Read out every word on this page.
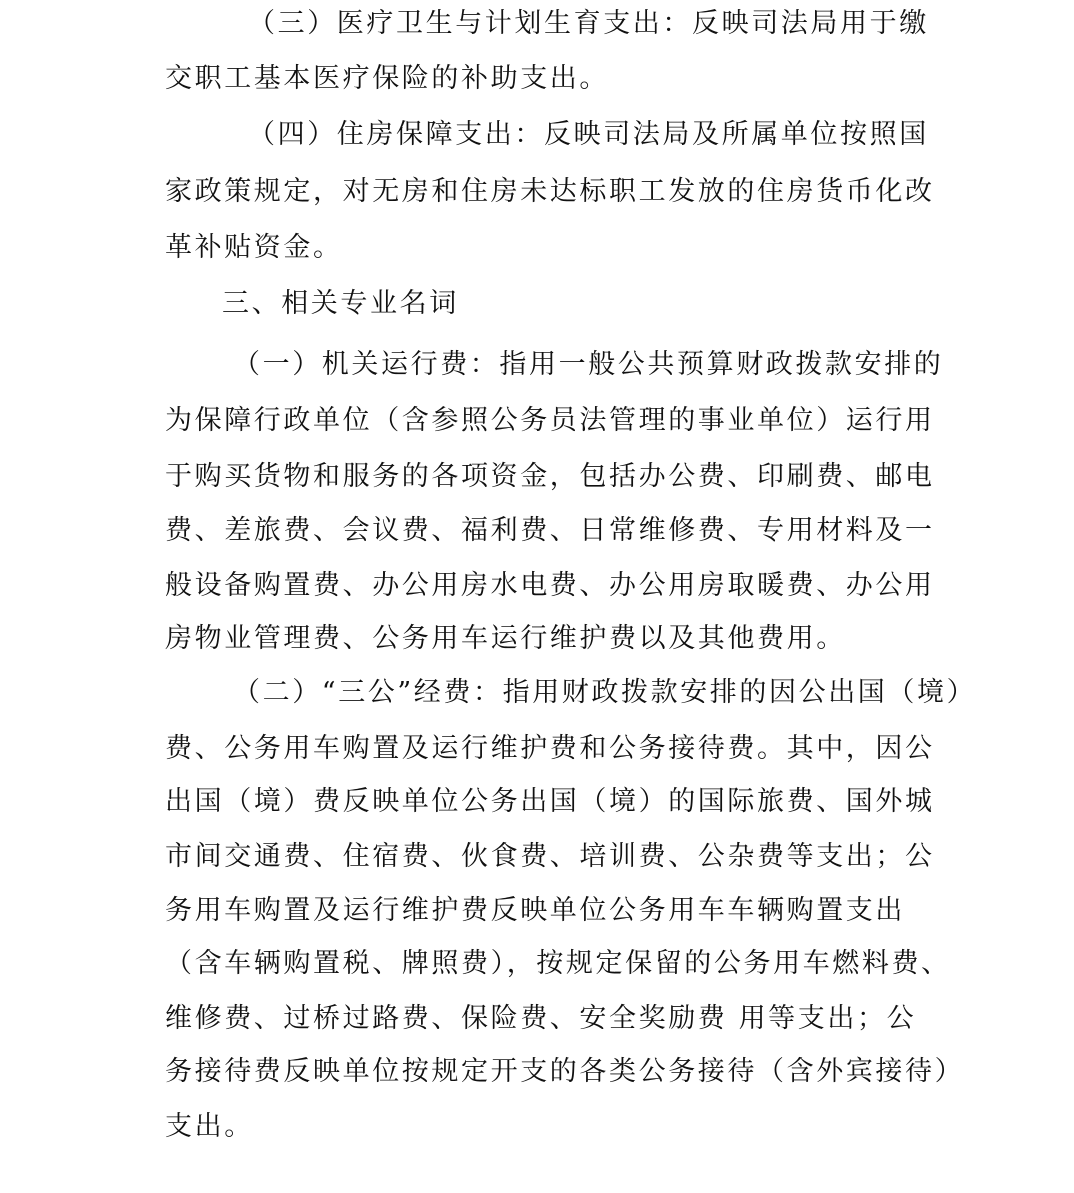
（三）医疗卫生与计划生育支出：反映司法局用于缴
交职工基本医疗保险的补助支出。
（四）住房保障支出：反映司法局及所属单位按照国
家政策规定，对无房和住房未达标职工发放的住房货币化改
革补贴资金。
三、相关专业名词
（一）机关运行费：指用一般公共预算财政拨款安排的
为保障行政单位（含参照公务员法管理的事业单位）运行用
于购买货物和服务的各项资金，包括办公费、印刷费、邮电
费、差旅费、会议费、福利费、日常维修费、专用材料及一
般设备购置费、办公用房水电费、办公用房取暖费、办公用
房物业管理费、公务用车运行维护费以及其他费用。
（二）“三公”经费：指用财政拨款安排的因公出国（境）
费、公务用车购置及运行维护费和公务接待费。其中，因公
出国（境）费反映单位公务出国（境）的国际旅费、国外城
市间交通费、住宿费、伙食费、培训费、公杂费等支出；公
务用车购置及运行维护费反映单位公务用车车辆购置支出
（含车辆购置税、牌照费），按规定保留的公务用车燃料费、
维修费、过桥过路费、保险费、安全奖励费 用等支出；公
务接待费反映单位按规定开支的各类公务接待（含外宾接待）
支出。
